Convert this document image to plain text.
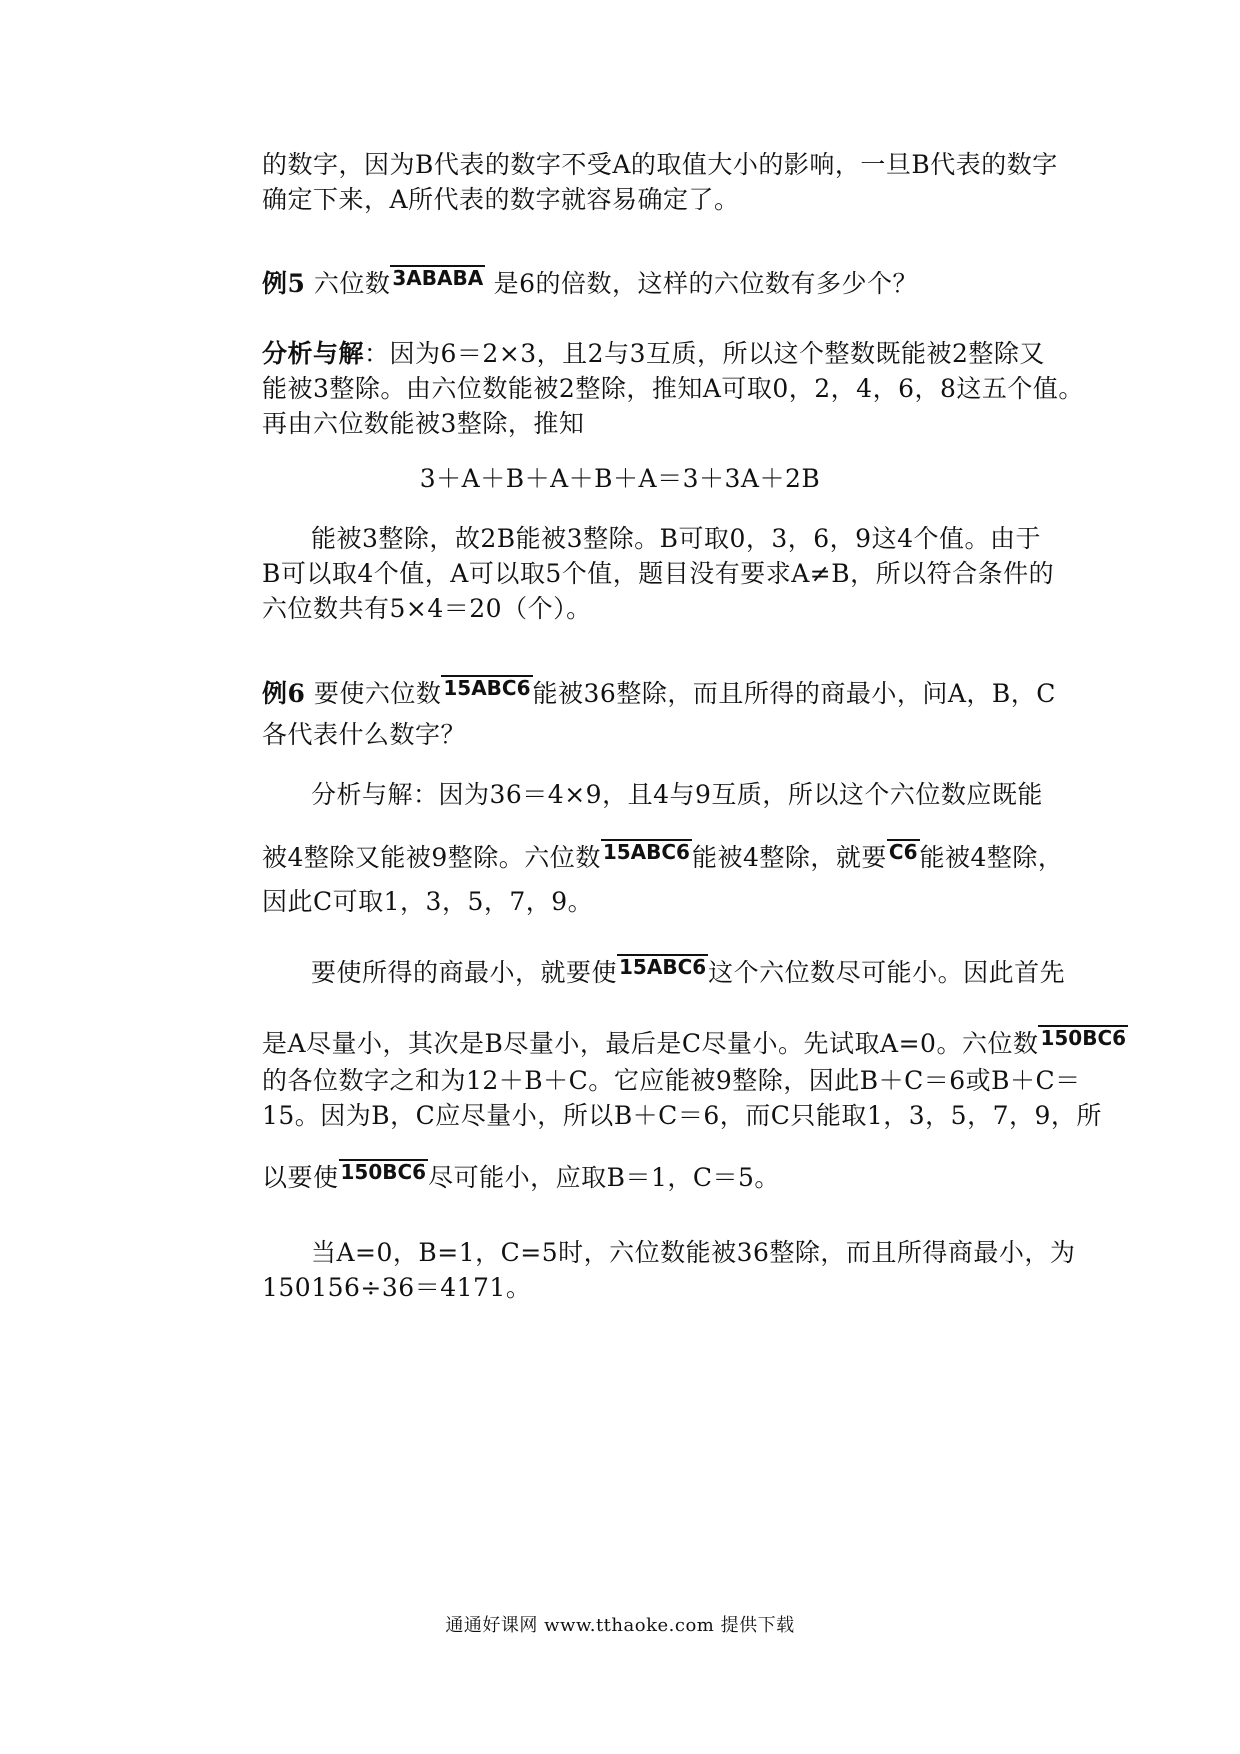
的数字，因为B代表的数字不受A的取值大小的影响，一旦B代表的数字
确定下来，A所代表的数字就容易确定了。
例5 六位数 3ABABA 是6的倍数，这样的六位数有多少个？
分析与解：因为6＝2×3，且2与3互质，所以这个整数既能被2整除又
能被3整除。由六位数能被2整除，推知A可取0，2，4，6，8这五个值。
再由六位数能被3整除，推知
3＋A＋B＋A＋B＋A＝3＋3A＋2B
能被3整除，故2B能被3整除。B可取0，3，6，9这4个值。由于
B可以取4个值，A可以取5个值，题目没有要求A≠B，所以符合条件的
六位数共有5×4＝20（个）。
例6 要使六位数 15ABC6能被36整除，而且所得的商最小，问A，B，C
各代表什么数字？
分析与解：因为36＝4×9，且4与9互质，所以这个六位数应既能
被4整除又能被9整除。六位数 15ABC6能被4整除，就要 C6能被4整除，
因此C可取1，3，5，7，9。
要使所得的商最小，就要使 15ABC6这个六位数尽可能小。因此首先
是A尽量小，其次是B尽量小，最后是C尽量小。先试取A=0。六位数 150BC6
的各位数字之和为12＋B＋C。它应能被9整除，因此B＋C＝6或B＋C＝
15。因为B，C应尽量小，所以B＋C＝6，而C只能取1，3，5，7，9，所
以要使 150BC6尽可能小，应取B＝1，C＝5。
当A=0，B=1，C=5时，六位数能被36整除，而且所得商最小，为
150156÷36＝4171。
通通好课网 www.tthaoke.com 提供下载
